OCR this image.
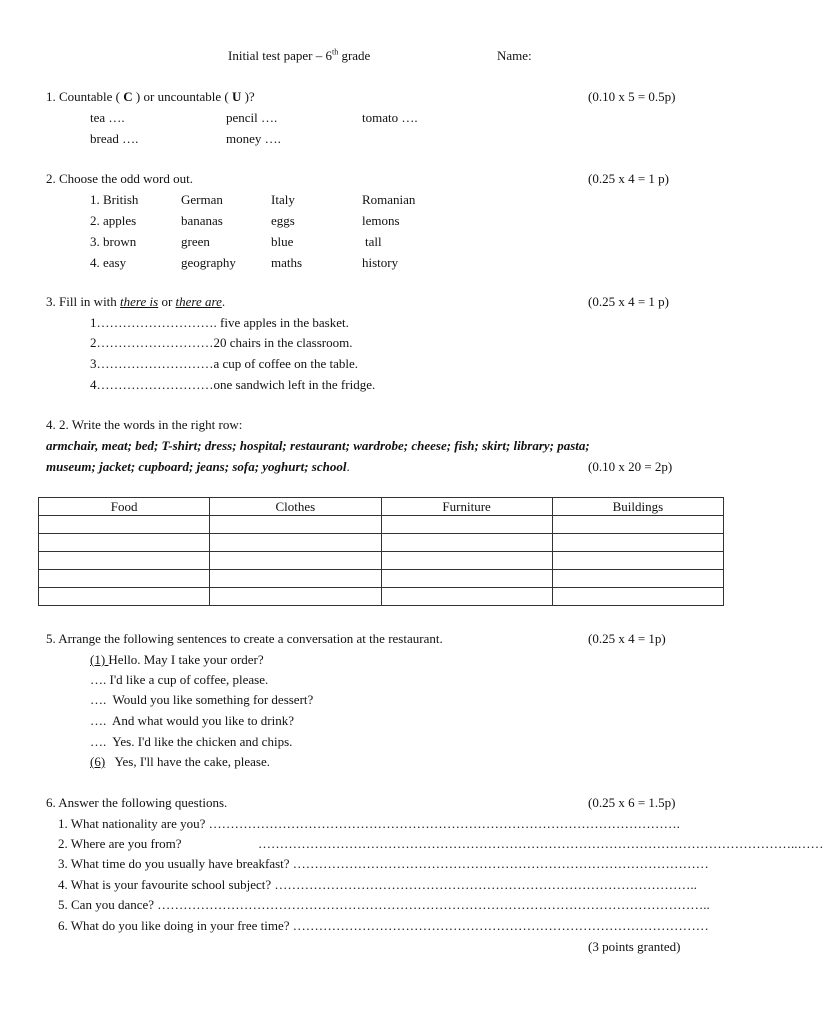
Initial test paper – 6th grade	Name:
1. Countable ( C ) or uncountable ( U )?	(0.10 x 5 = 0.5p)
tea ….	pencil ….	tomato ….
bread ….	money ….
2. Choose the odd word out.	(0.25 x 4 = 1 p)
1. British	German	Italy	Romanian
2. apples	bananas	eggs	lemons
3. brown	green	blue	tall
4. easy	geography	maths	history
3. Fill in with there is or there are.	(0.25 x 4 = 1 p)
1………………………. five apples in the basket.
2………………………20 chairs in the classroom.
3………………………a cup of coffee on the table.
4………………………one sandwich left in the fridge.
4. 2. Write the words in the right row:
armchair, meat; bed; T-shirt; dress; hospital; restaurant; wardrobe; cheese; fish; skirt; library; pasta;
museum; jacket; cupboard; jeans; sofa; yoghurt; school.	(0.10 x 20 = 2p)
Food	Clothes	Furniture	Buildings

5. Arrange the following sentences to create a conversation at the restaurant.	(0.25 x 4 = 1p)
(1) Hello. May I take your order?
…. I'd like a cup of coffee, please.
….  Would you like something for dessert?
….  And what would you like to drink?
….  Yes. I'd like the chicken and chips.
(6)   Yes, I'll have the cake, please.
6. Answer the following questions.	(0.25 x 6 = 1.5p)
1. What nationality are you? ……………………………………………………………………………………………….
2. Where are you from?	……………………………………………………………………………………………………………..……
3. What time do you usually have breakfast? ……………………………………………………………………………………
4. What is your favourite school subject? ……………………………………………………………………………………..
5. Can you dance? ………………………………………………………………………………………………………………..
6. What do you like doing in your free time? ……………………………………………………………………………………
(3 points granted)
